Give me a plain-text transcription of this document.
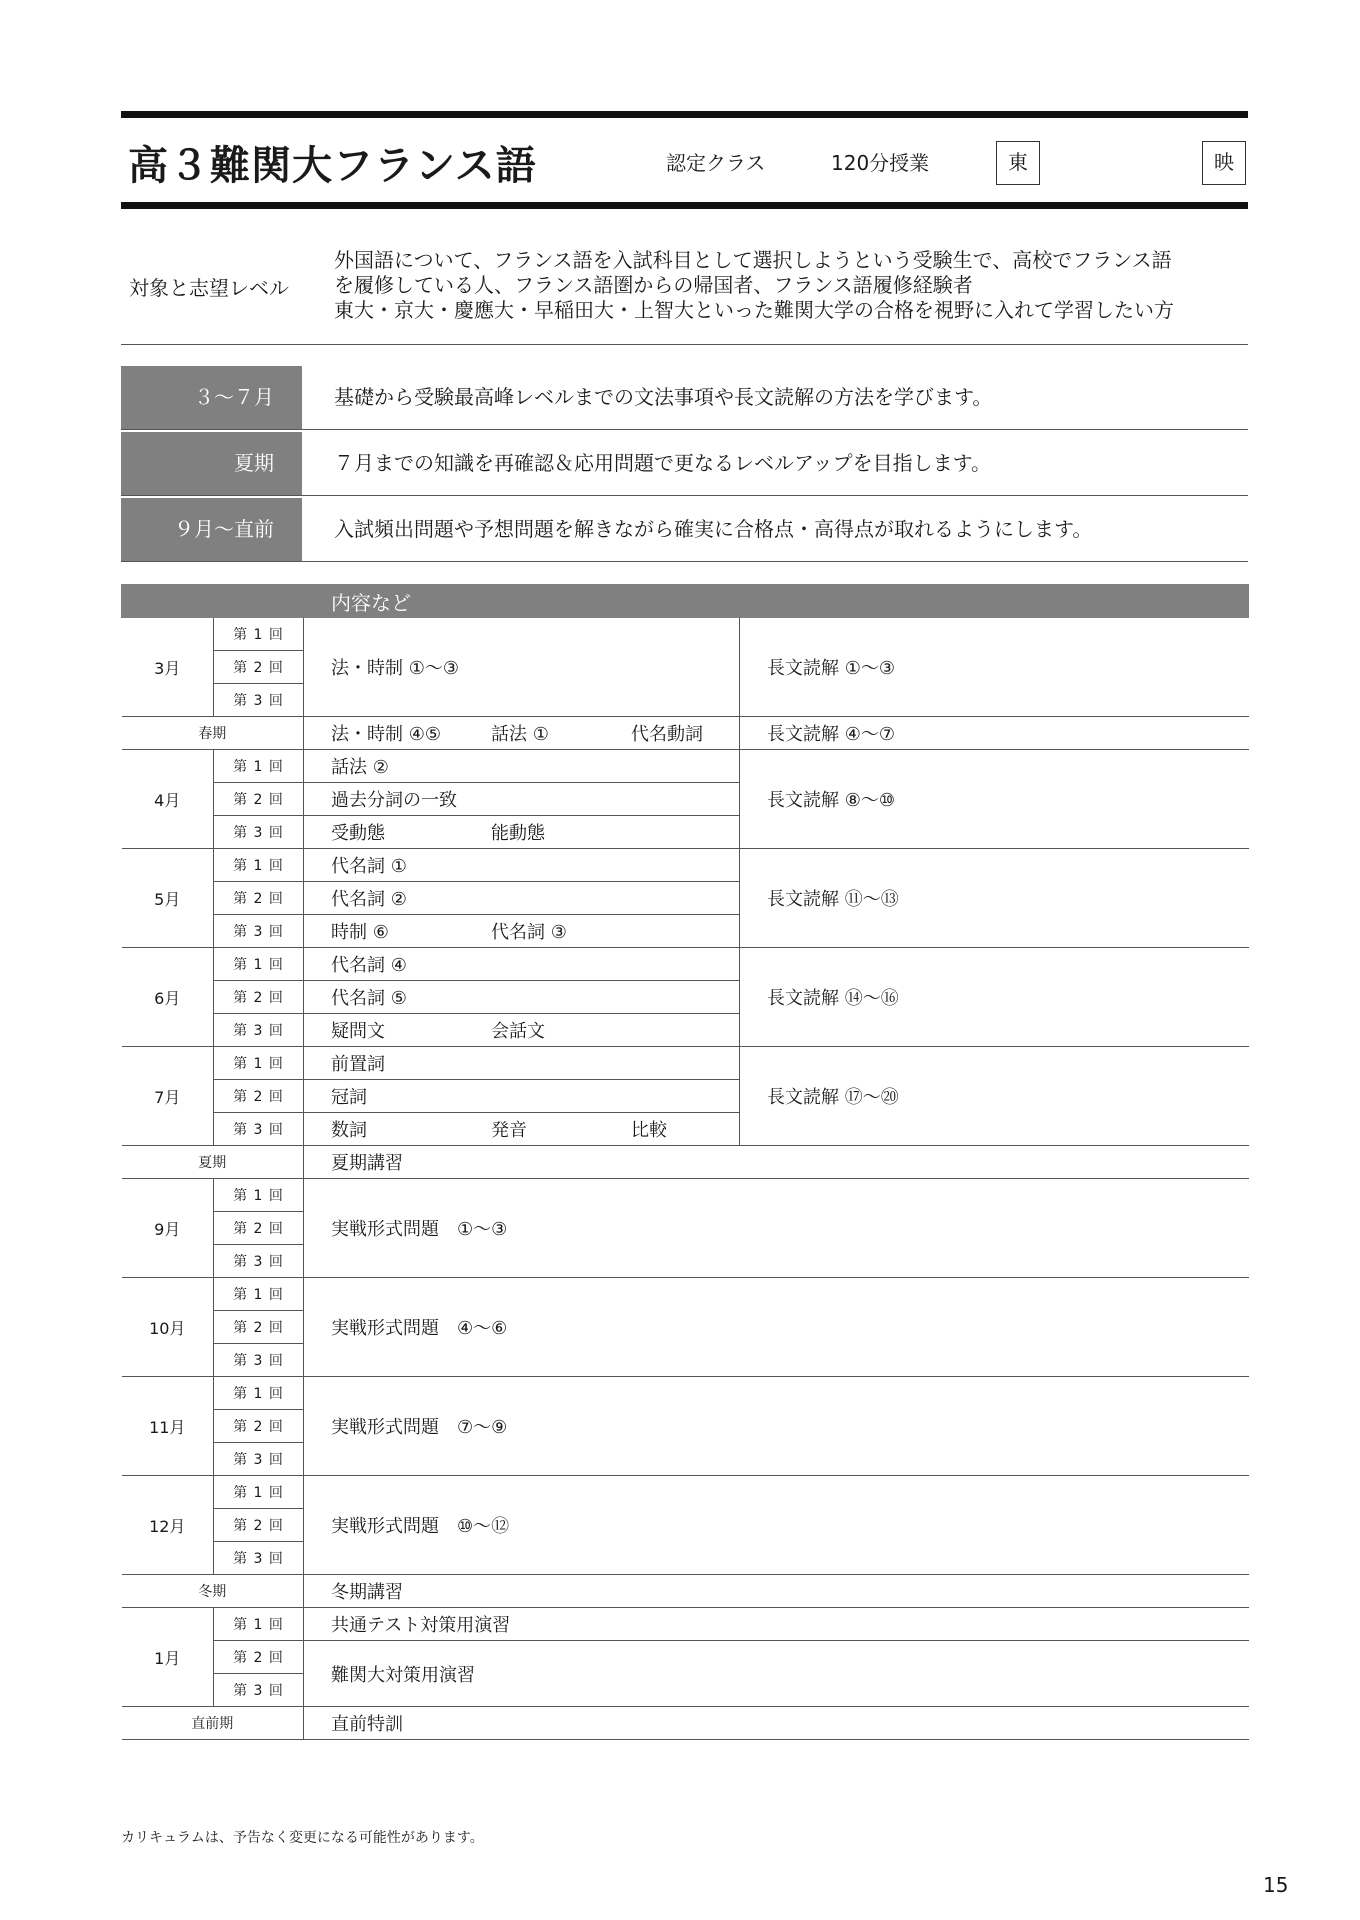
高３難関大フランス語	認定クラス	120分授業	東	映
対象と志望レベル
外国語について、フランス語を入試科目として選択しようという受験生で、高校でフランス語
を履修している人、フランス語圏からの帰国者、フランス語履修経験者
東大・京大・慶應大・早稲田大・上智大といった難関大学の合格を視野に入れて学習したい方
３～７月	基礎から受験最高峰レベルまでの文法事項や長文読解の方法を学びます。
夏期	７月までの知識を再確認＆応用問題で更なるレベルアップを目指します。
９月～直前	入試頻出問題や予想問題を解きながら確実に合格点・高得点が取れるようにします。
		内容など	
3月	第 1 回	法・時制 ①～③	長文読解 ①～③
	第 2 回		
	第 3 回		
春期		法・時制 ④⑤ 話法 ① 代名動詞	長文読解 ④～⑦
4月	第 1 回	話法 ②	長文読解 ⑧～⑩
	第 2 回	過去分詞の一致	
	第 3 回	受動態 能動態	
5月	第 1 回	代名詞 ①	長文読解 ⑪～⑬
	第 2 回	代名詞 ②	
	第 3 回	時制 ⑥ 代名詞 ③	
6月	第 1 回	代名詞 ④	長文読解 ⑭～⑯
	第 2 回	代名詞 ⑤	
	第 3 回	疑問文 会話文	
7月	第 1 回	前置詞	長文読解 ⑰～⑳
	第 2 回	冠詞	
	第 3 回	数詞 発音 比較	
夏期		夏期講習	
9月	第 1 回	実戦形式問題　①～③	
	第 2 回		
	第 3 回		
10月	第 1 回	実戦形式問題　④～⑥	
	第 2 回		
	第 3 回		
11月	第 1 回	実戦形式問題　⑦～⑨	
	第 2 回		
	第 3 回		
12月	第 1 回	実戦形式問題　⑩～⑫	
	第 2 回		
	第 3 回		
冬期		冬期講習	
1月	第 1 回	共通テスト対策用演習	
	第 2 回	難関大対策用演習	
	第 3 回		
直前期		直前特訓	
カリキュラムは、予告なく変更になる可能性があります。
15
